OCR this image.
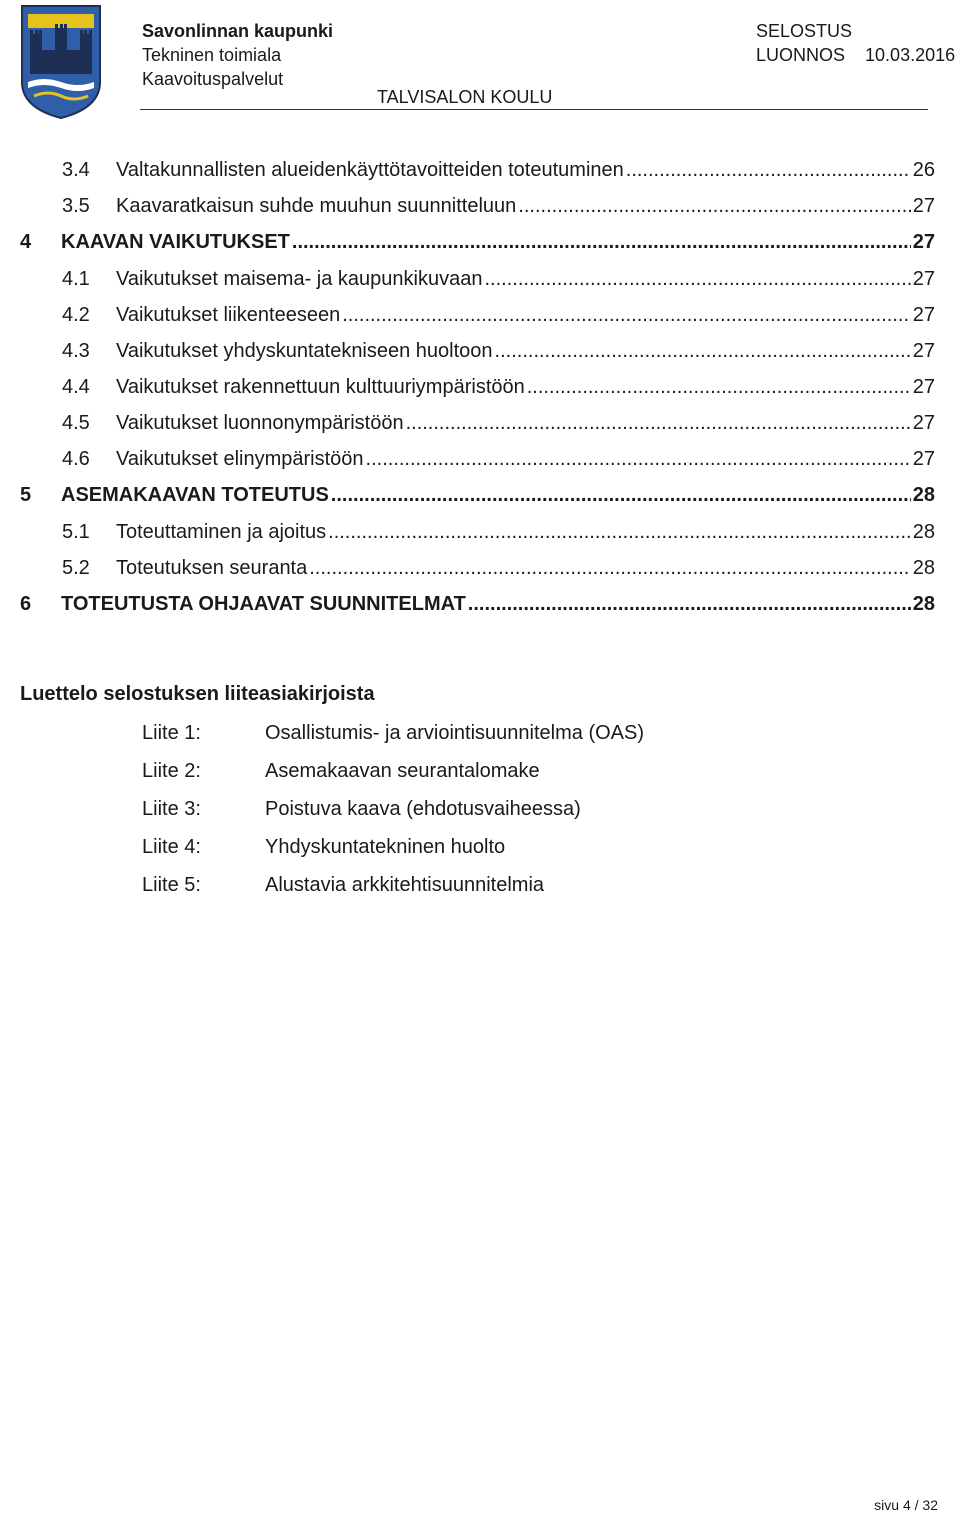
Savonlinnan kaupunki
Tekninen toimiala
Kaavoituspalvelut
SELOSTUS
LUONNOS 10.03.2016
TALVISALON KOULU
3.4 Valtakunnallisten alueidenkäyttötavoitteiden toteutuminen .....	26
3.5 Kaavaratkaisun suhde muuhun suunnitteluun .....	27
4 KAAVAN VAIKUTUKSET .....	27
4.1 Vaikutukset maisema- ja kaupunkikuvaan .....	27
4.2 Vaikutukset liikenteeseen .....	27
4.3 Vaikutukset yhdyskuntatekniseen huoltoon .....	27
4.4 Vaikutukset rakennettuun kulttuuriympäristöön .....	27
4.5 Vaikutukset luonnonympäristöön .....	27
4.6 Vaikutukset elinympäristöön .....	27
5 ASEMAKAAVAN TOTEUTUS .....	28
5.1 Toteuttaminen ja ajoitus .....	28
5.2 Toteutuksen seuranta .....	28
6 TOTEUTUSTA OHJAAVAT SUUNNITELMAT .....	28
Luettelo selostuksen liiteasiakirjoista
Liite 1:	Osallistumis- ja arviointisuunnitelma (OAS)
Liite 2:	Asemakaavan seurantalomake
Liite 3:	Poistuva kaava (ehdotusvaiheessa)
Liite 4:	Yhdyskuntatekninen huolto
Liite 5:	Alustavia arkkitehtisuunnitelmia
sivu 4 / 32
